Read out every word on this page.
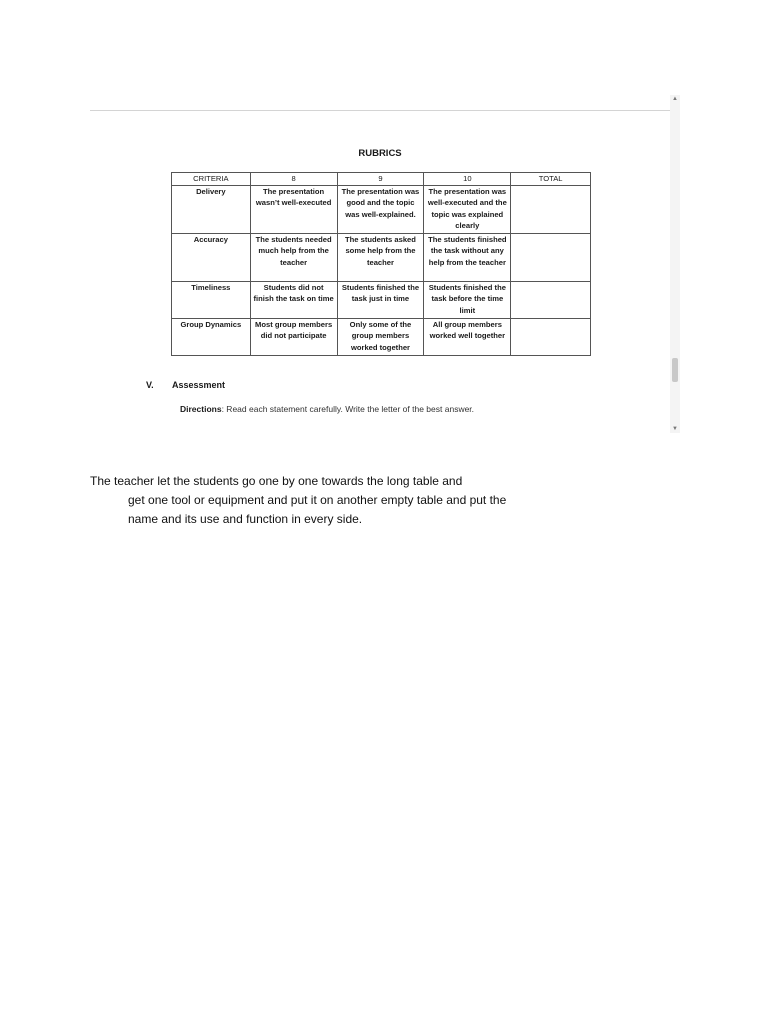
RUBRICS
CRITERIA	8	9	10	TOTAL
Delivery	The presentation wasn’t well-executed	The presentation was good and the topic was well-explained.	The presentation was well-executed and the topic was explained clearly	
Accuracy	The students needed much help from the teacher	The students asked some help from the teacher	The students finished the task without any help from the teacher	
Timeliness	Students did not finish the task on time	Students finished the task just in time	Students finished the task before the time limit	
Group Dynamics	Most group members did not participate	Only some of the group members worked together	All group members worked well together	
V. Assessment
Directions: Read each statement carefully. Write the letter of the best answer.
▲
▼
The teacher let the students go one by one towards the long table and
get one tool or equipment and put it on another empty table and put the
name and its use and function in every side.
